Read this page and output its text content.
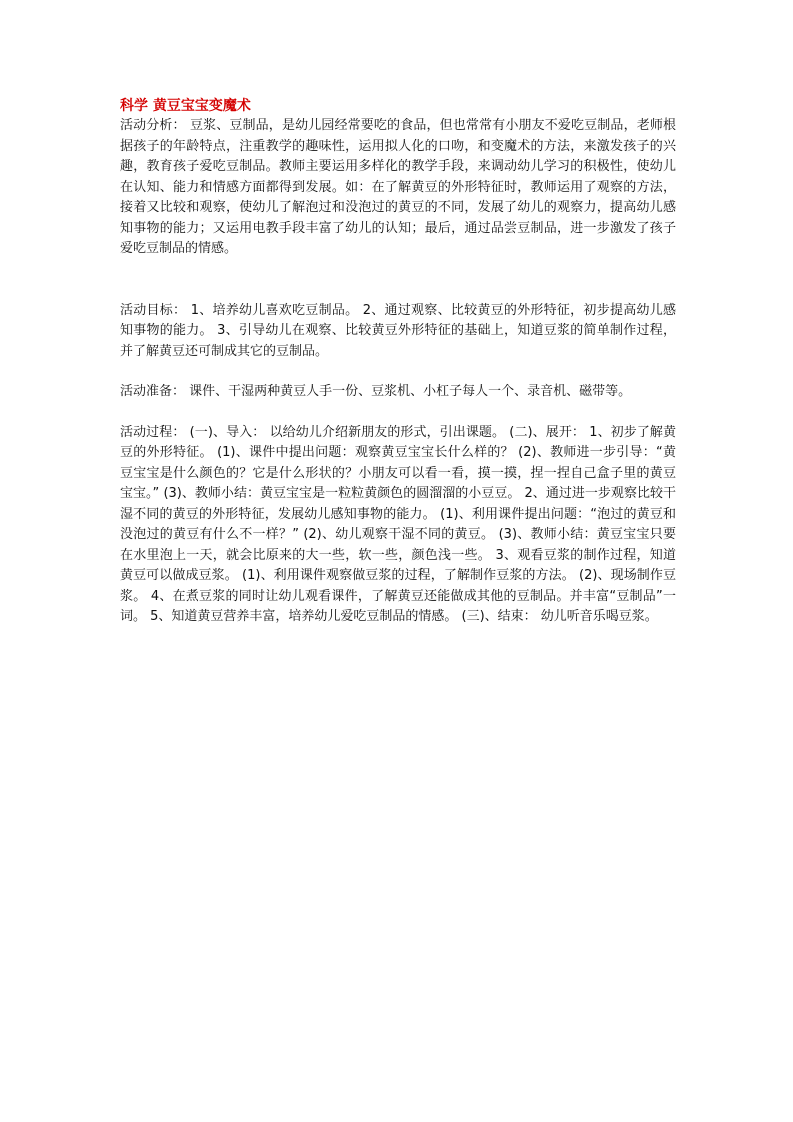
科学 黄豆宝宝变魔术

活动分析： 豆浆、豆制品，是幼儿园经常要吃的食品，但也常常有小朋友不爱吃豆制品，老师根据孩子的年龄特点，注重教学的趣味性，运用拟人化的口吻，和变魔术的方法，来激发孩子的兴趣，教育孩子爱吃豆制品。教师主要运用多样化的教学手段，来调动幼儿学习的积极性，使幼儿在认知、能力和情感方面都得到发展。如：在了解黄豆的外形特征时，教师运用了观察的方法，接着又比较和观察，使幼儿了解泡过和没泡过的黄豆的不同，发展了幼儿的观察力，提高幼儿感知事物的能力；又运用电教手段丰富了幼儿的认知；最后，通过品尝豆制品，进一步激发了孩子爱吃豆制品的情感。

活动目标： 1、培养幼儿喜欢吃豆制品。 2、通过观察、比较黄豆的外形特征，初步提高幼儿感知事物的能力。 3、引导幼儿在观察、比较黄豆外形特征的基础上，知道豆浆的简单制作过程，并了解黄豆还可制成其它的豆制品。

活动准备： 课件、干湿两种黄豆人手一份、豆浆机、小杠子每人一个、录音机、磁带等。

活动过程： (一)、导入： 以给幼儿介绍新朋友的形式，引出课题。 (二)、展开： 1、初步了解黄豆的外形特征。 (1)、课件中提出问题：观察黄豆宝宝长什么样的？ (2)、教师进一步引导：“黄豆宝宝是什么颜色的？它是什么形状的？小朋友可以看一看，摸一摸，捏一捏自己盒子里的黄豆宝宝。” (3)、教师小结：黄豆宝宝是一粒粒黄颜色的圆溜溜的小豆豆。 2、通过进一步观察比较干湿不同的黄豆的外形特征，发展幼儿感知事物的能力。 (1)、利用课件提出问题：“泡过的黄豆和没泡过的黄豆有什么不一样？” (2)、幼儿观察干湿不同的黄豆。 (3)、教师小结：黄豆宝宝只要在水里泡上一天，就会比原来的大一些，软一些，颜色浅一些。 3、观看豆浆的制作过程，知道黄豆可以做成豆浆。 (1)、利用课件观察做豆浆的过程，了解制作豆浆的方法。 (2)、现场制作豆浆。 4、在煮豆浆的同时让幼儿观看课件，了解黄豆还能做成其他的豆制品。并丰富“豆制品”一词。 5、知道黄豆营养丰富，培养幼儿爱吃豆制品的情感。 (三)、结束： 幼儿听音乐喝豆浆。
